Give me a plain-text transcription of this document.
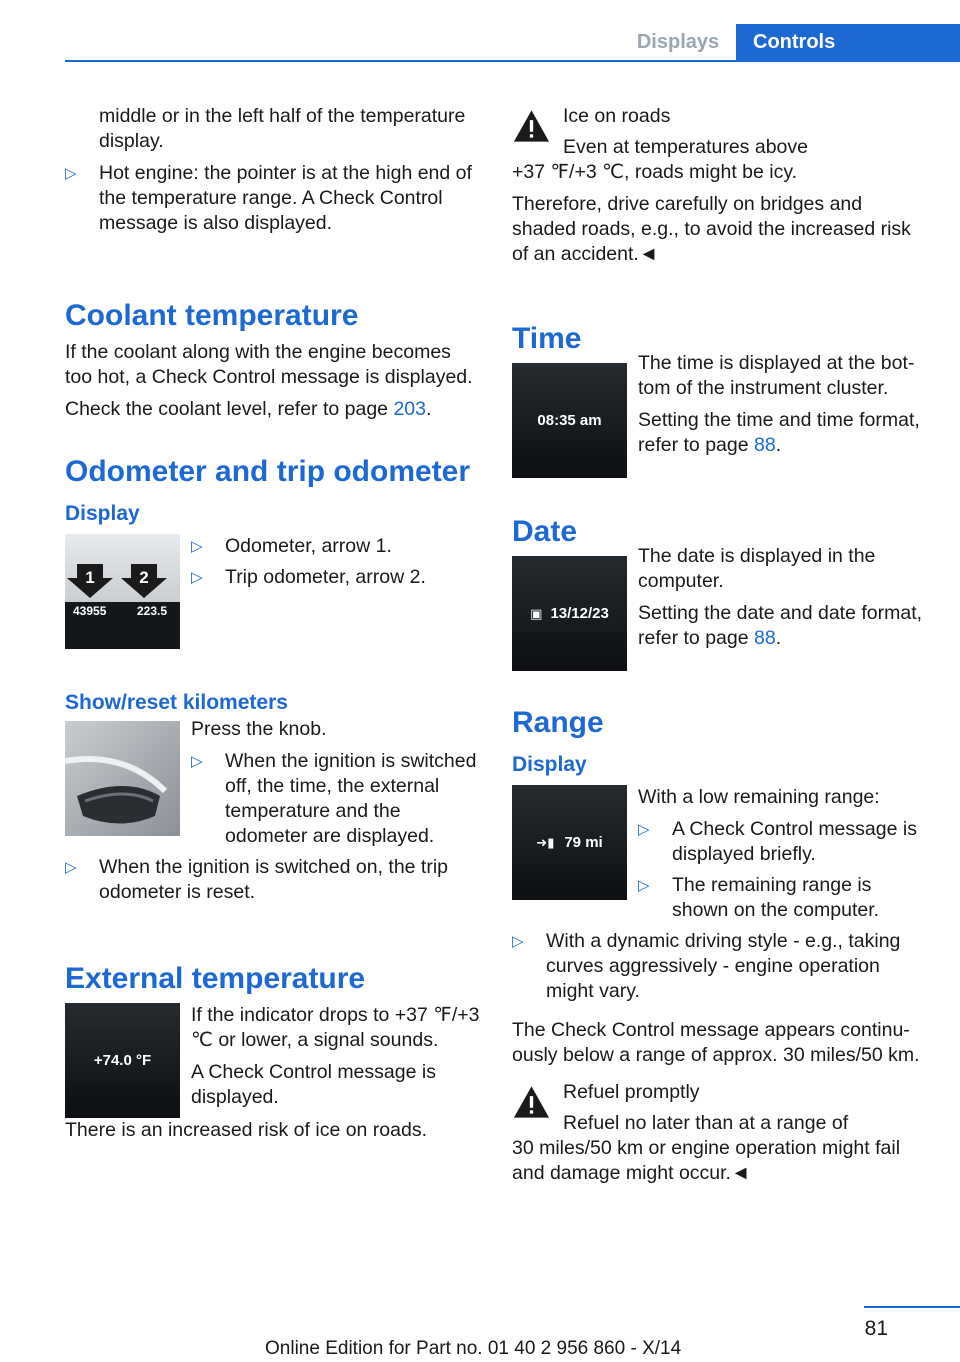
Displays	Controls

middle or in the left half of the temperature display.

▷	Hot engine: the pointer is at the high end of the temperature range. A Check Control message is also displayed.
Coolant temperature

If the coolant along with the engine becomes too hot, a Check Control message is displayed.

Check the coolant level, refer to page 203.

Odometer and trip odometer
Display
1	2
43955	223.5
▷	Odometer, arrow 1.
▷	Trip odometer, arrow 2.
Show/reset kilometers

Press the knob.

▷	When the ignition is switched off, the time, the external temperature and the odometer are displayed.
▷	When the ignition is switched on, the trip odometer is reset.
External temperature
+74.0 °F

If the indicator drops to +37 ℉/+3 ℃ or lower, a signal sounds.

A Check Control message is displayed.

There is an increased risk of ice on roads.

Ice on roads

Even at temperatures above

+37 ℉/+3 ℃, roads might be icy.

Therefore, drive carefully on bridges and shaded roads, e.g., to avoid the increased risk of an accident.◄

Time
08:35 am

The time is displayed at the bottom of the instrument cluster.

Setting the time and time format, refer to page 88.

Date
▣ 13/12/23

The date is displayed in the computer.

Setting the date and date format, refer to page 88.

Range
Display
➜▮ 79 mi

With a low remaining range:

▷	A Check Control message is displayed briefly.
▷	The remaining range is shown on the computer.
▷	With a dynamic driving style - e.g., taking curves aggressively - engine operation might vary.

The Check Control message appears continuously below a range of approx. 30 miles/50 km.

Refuel promptly

Refuel no later than at a range of

30 miles/50 km or engine operation might fail and damage might occur.◄

81
Online Edition for Part no. 01 40 2 956 860 - X/14
